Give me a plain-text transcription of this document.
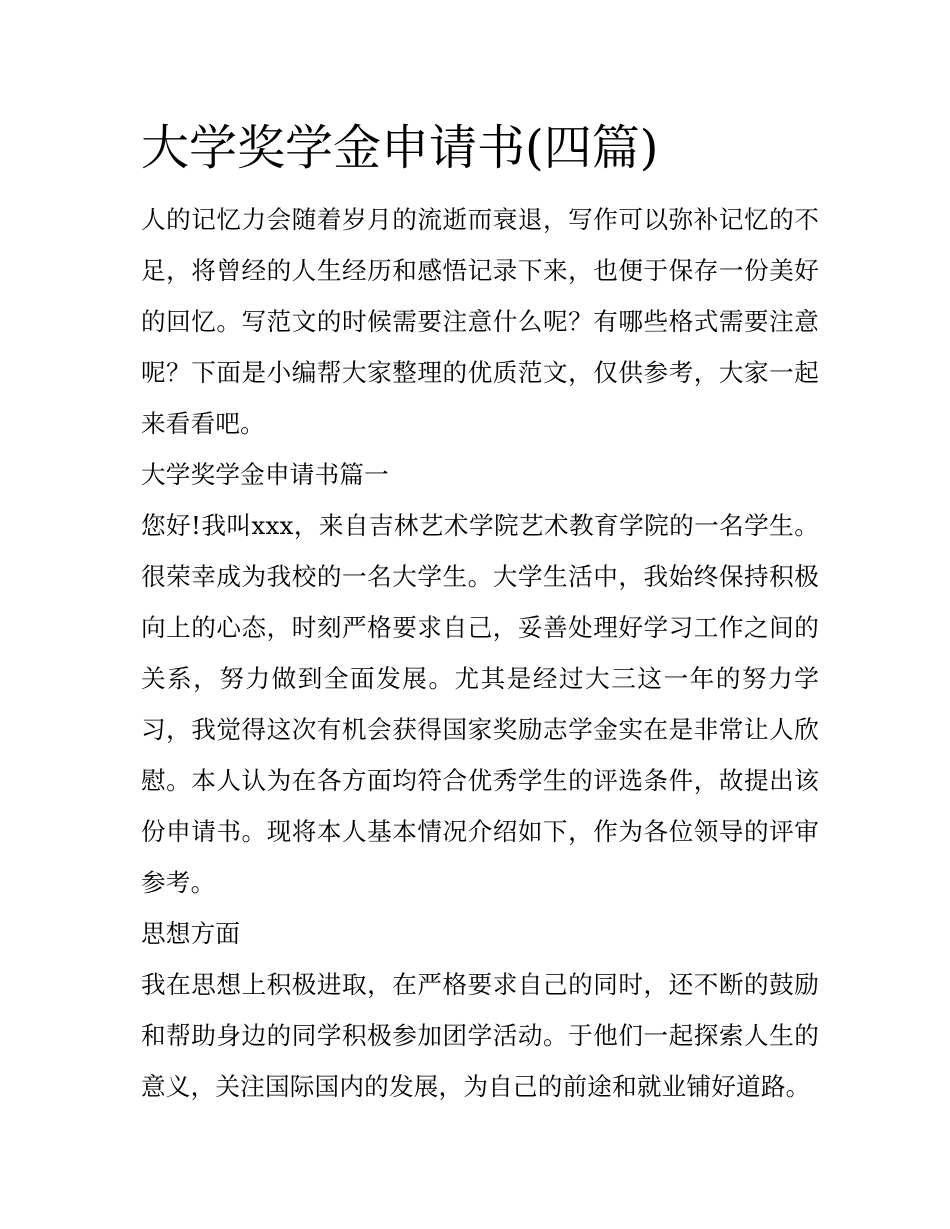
大学奖学金申请书(四篇)

人的记忆力会随着岁月的流逝而衰退，写作可以弥补记忆的不足，将曾经的人生经历和感悟记录下来，也便于保存一份美好的回忆。写范文的时候需要注意什么呢？有哪些格式需要注意呢？下面是小编帮大家整理的优质范文，仅供参考，大家一起来看看吧。

大学奖学金申请书篇一

您好!我叫xxx，来自吉林艺术学院艺术教育学院的一名学生。很荣幸成为我校的一名大学生。大学生活中，我始终保持积极向上的心态，时刻严格要求自己，妥善处理好学习工作之间的关系，努力做到全面发展。尤其是经过大三这一年的努力学习，我觉得这次有机会获得国家奖励志学金实在是非常让人欣慰。本人认为在各方面均符合优秀学生的评选条件，故提出该份申请书。现将本人基本情况介绍如下，作为各位领导的评审参考。

思想方面

我在思想上积极进取，在严格要求自己的同时，还不断的鼓励和帮助身边的同学积极参加团学活动。于他们一起探索人生的意义，关注国际国内的发展，为自己的前途和就业铺好道路。
